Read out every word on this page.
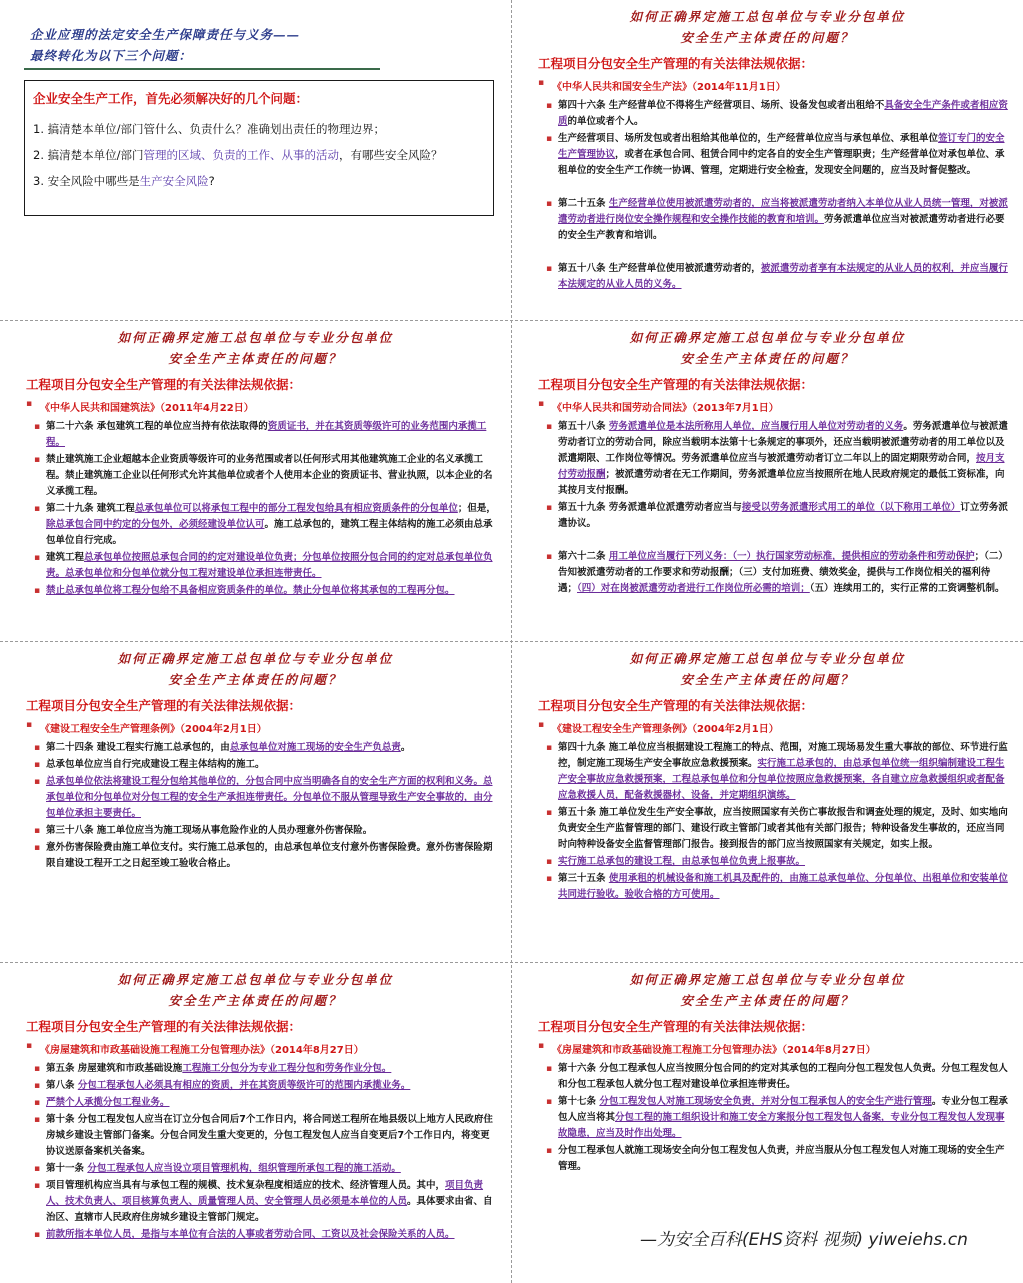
企业应理的法定安全生产保障责任与义务——
最终转化为以下三个问题：
企业安全生产工作，首先必须解决好的几个问题：
1. 搞清楚本单位/部门管什么、负责什么？准确划出责任的物理边界；
2. 搞清楚本单位/部门管理的区域、负责的工作、从事的活动，有哪些安全风险？
3. 安全风险中哪些是生产安全风险?
如何正确界定施工总包单位与专业分包单位
安全生产主体责任的问题？
工程项目分包安全生产管理的有关法律法规依据：
▪ 《中华人民共和国安全生产法》（2014年11月1日）
▪ 第四十六条 生产经营单位不得将生产经营项目、场所、设备发包或者出租给不具备安全生产条件或者相应资质的单位或者个人。
▪ 生产经营项目、场所发包或者出租给其他单位的，生产经营单位应当与承包单位、承租单位签订专门的安全生产管理协议，或者在承包合同、租赁合同中约定各自的安全生产管理职责；生产经营单位对承包单位、承租单位的安全生产工作统一协调、管理，定期进行安全检查，发现安全问题的，应当及时督促整改。
▪ 第二十五条 生产经营单位使用被派遣劳动者的，应当将被派遣劳动者纳入本单位从业人员统一管理，对被派遣劳动者进行岗位安全操作规程和安全操作技能的教育和培训。劳务派遣单位应当对被派遣劳动者进行必要的安全生产教育和培训。
▪ 第五十八条 生产经营单位使用被派遣劳动者的，被派遣劳动者享有本法规定的从业人员的权利，并应当履行本法规定的从业人员的义务。
如何正确界定施工总包单位与专业分包单位
安全生产主体责任的问题？
工程项目分包安全生产管理的有关法律法规依据：
▪ 《中华人民共和国建筑法》（2011年4月22日）
▪ 第二十六条 承包建筑工程的单位应当持有依法取得的资质证书，并在其资质等级许可的业务范围内承揽工程。
▪ 禁止建筑施工企业超越本企业资质等级许可的业务范围或者以任何形式用其他建筑施工企业的名义承揽工程。禁止建筑施工企业以任何形式允许其他单位或者个人使用本企业的资质证书、营业执照，以本企业的名义承揽工程。
▪ 第二十九条 建筑工程总承包单位可以将承包工程中的部分工程发包给具有相应资质条件的分包单位；但是，除总承包合同中约定的分包外，必须经建设单位认可。施工总承包的，建筑工程主体结构的施工必须由总承包单位自行完成。
▪ 建筑工程总承包单位按照总承包合同的约定对建设单位负责；分包单位按照分包合同的约定对总承包单位负责。总承包单位和分包单位就分包工程对建设单位承担连带责任。
▪ 禁止总承包单位将工程分包给不具备相应资质条件的单位。禁止分包单位将其承包的工程再分包。
如何正确界定施工总包单位与专业分包单位
安全生产主体责任的问题？
工程项目分包安全生产管理的有关法律法规依据：
▪ 《中华人民共和国劳动合同法》（2013年7月1日）
▪ 第五十八条 劳务派遣单位是本法所称用人单位，应当履行用人单位对劳动者的义务。劳务派遣单位与被派遣劳动者订立的劳动合同，除应当载明本法第十七条规定的事项外，还应当载明被派遣劳动者的用工单位以及派遣期限、工作岗位等情况。劳务派遣单位应当与被派遣劳动者订立二年以上的固定期限劳动合同，按月支付劳动报酬；被派遣劳动者在无工作期间，劳务派遣单位应当按照所在地人民政府规定的最低工资标准，向其按月支付报酬。
▪ 第五十九条 劳务派遣单位派遣劳动者应当与接受以劳务派遣形式用工的单位（以下称用工单位）订立劳务派遣协议。
▪ 第六十二条 用工单位应当履行下列义务：（一）执行国家劳动标准，提供相应的劳动条件和劳动保护；（二）告知被派遣劳动者的工作要求和劳动报酬；（三）支付加班费、绩效奖金，提供与工作岗位相关的福利待遇；（四）对在岗被派遣劳动者进行工作岗位所必需的培训；（五）连续用工的，实行正常的工资调整机制。
如何正确界定施工总包单位与专业分包单位
安全生产主体责任的问题？
工程项目分包安全生产管理的有关法律法规依据：
▪ 《建设工程安全生产管理条例》（2004年2月1日）
▪ 第二十四条 建设工程实行施工总承包的，由总承包单位对施工现场的安全生产负总责。
▪ 总承包单位应当自行完成建设工程主体结构的施工。
▪ 总承包单位依法将建设工程分包给其他单位的，分包合同中应当明确各自的安全生产方面的权利和义务。总承包单位和分包单位对分包工程的安全生产承担连带责任。分包单位不服从管理导致生产安全事故的，由分包单位承担主要责任。
▪ 第三十八条 施工单位应当为施工现场从事危险作业的人员办理意外伤害保险。
▪ 意外伤害保险费由施工单位支付。实行施工总承包的，由总承包单位支付意外伤害保险费。意外伤害保险期限自建设工程开工之日起至竣工验收合格止。
如何正确界定施工总包单位与专业分包单位
安全生产主体责任的问题？
工程项目分包安全生产管理的有关法律法规依据：
▪ 《建设工程安全生产管理条例》（2004年2月1日）
▪ 第四十九条 施工单位应当根据建设工程施工的特点、范围，对施工现场易发生重大事故的部位、环节进行监控，制定施工现场生产安全事故应急救援预案。实行施工总承包的，由总承包单位统一组织编制建设工程生产安全事故应急救援预案，工程总承包单位和分包单位按照应急救援预案，各自建立应急救援组织或者配备应急救援人员，配备救援器材、设备，并定期组织演练。
▪ 第五十条 施工单位发生生产安全事故，应当按照国家有关伤亡事故报告和调查处理的规定，及时、如实地向负责安全生产监督管理的部门、建设行政主管部门或者其他有关部门报告；特种设备发生事故的，还应当同时向特种设备安全监督管理部门报告。接到报告的部门应当按照国家有关规定，如实上报。
▪ 实行施工总承包的建设工程，由总承包单位负责上报事故。
▪ 第三十五条 使用承租的机械设备和施工机具及配件的，由施工总承包单位、分包单位、出租单位和安装单位共同进行验收。验收合格的方可使用。
如何正确界定施工总包单位与专业分包单位
安全生产主体责任的问题？
工程项目分包安全生产管理的有关法律法规依据：
▪ 《房屋建筑和市政基础设施工程施工分包管理办法》（2014年8月27日）
▪ 第五条 房屋建筑和市政基础设施工程施工分包分为专业工程分包和劳务作业分包。
▪ 第八条 分包工程承包人必须具有相应的资质，并在其资质等级许可的范围内承揽业务。
▪ 严禁个人承揽分包工程业务。
▪ 第十条 分包工程发包人应当在订立分包合同后7个工作日内，将合同送工程所在地县级以上地方人民政府住房城乡建设主管部门备案。分包合同发生重大变更的，分包工程发包人应当自变更后7个工作日内，将变更协议送原备案机关备案。
▪ 第十一条 分包工程承包人应当设立项目管理机构，组织管理所承包工程的施工活动。
▪ 项目管理机构应当具有与承包工程的规模、技术复杂程度相适应的技术、经济管理人员。其中，项目负责人、技术负责人、项目核算负责人、质量管理人员、安全管理人员必须是本单位的人员。具体要求由省、自治区、直辖市人民政府住房城乡建设主管部门规定。
▪ 前款所指本单位人员，是指与本单位有合法的人事或者劳动合同、工资以及社会保险关系的人员。
如何正确界定施工总包单位与专业分包单位
安全生产主体责任的问题？
工程项目分包安全生产管理的有关法律法规依据：
▪ 《房屋建筑和市政基础设施工程施工分包管理办法》（2014年8月27日）
▪ 第十六条 分包工程承包人应当按照分包合同的约定对其承包的工程向分包工程发包人负责。分包工程发包人和分包工程承包人就分包工程对建设单位承担连带责任。
▪ 第十七条 分包工程发包人对施工现场安全负责，并对分包工程承包人的安全生产进行管理。专业分包工程承包人应当将其分包工程的施工组织设计和施工安全方案报分包工程发包人备案，专业分包工程发包人发现事故隐患，应当及时作出处理。
▪ 分包工程承包人就施工现场安全向分包工程发包人负责，并应当服从分包工程发包人对施工现场的安全生产管理。
—为安全百科(EHS资料 视频) yiweiehs.cn
